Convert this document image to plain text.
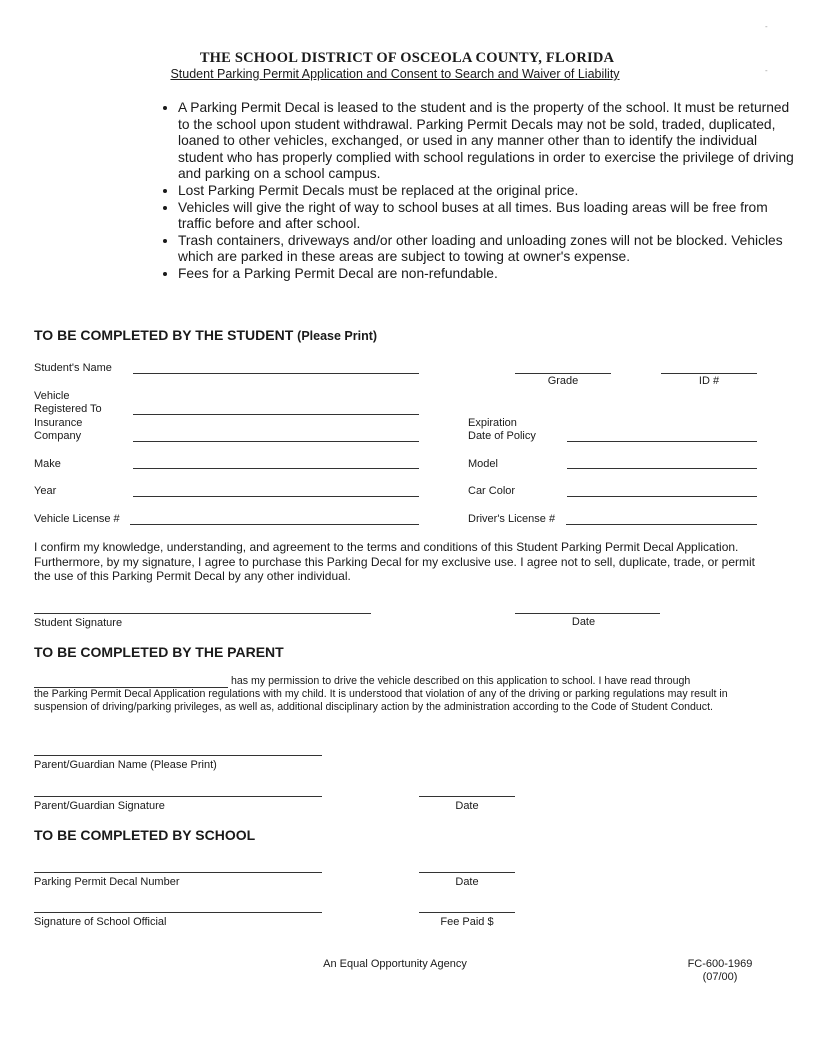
THE SCHOOL DISTRICT OF OSCEOLA COUNTY, FLORIDA
Student Parking Permit Application and Consent to Search and Waiver of Liability
-
-
• A Parking Permit Decal is leased to the student and is the property of the school. It must be returned to the school upon student withdrawal. Parking Permit Decals may not be sold, traded, duplicated, loaned to other vehicles, exchanged, or used in any manner other than to identify the individual student who has properly complied with school regulations in order to exercise the privilege of driving and parking on a school campus.
• Lost Parking Permit Decals must be replaced at the original price.
• Vehicles will give the right of way to school buses at all times. Bus loading areas will be free from traffic before and after school.
• Trash containers, driveways and/or other loading and unloading zones will not be blocked. Vehicles which are parked in these areas are subject to towing at owner's expense.
• Fees for a Parking Permit Decal are non-refundable.
TO BE COMPLETED BY THE STUDENT (Please Print)
Student's Name
Grade	ID #
Vehicle
Registered To
Insurance
Company
Expiration
Date of Policy
Make	Model
Year	Car Color
Vehicle License #	Driver's License #
I confirm my knowledge, understanding, and agreement to the terms and conditions of this Student Parking Permit Decal Application. Furthermore, by my signature, I agree to purchase this Parking Decal for my exclusive use. I agree not to sell, duplicate, trade, or permit the use of this Parking Permit Decal by any other individual.
Student Signature	Date
TO BE COMPLETED BY THE PARENT
has my permission to drive the vehicle described on this application to school. I have read through
the Parking Permit Decal Application regulations with my child. It is understood that violation of any of the driving or parking regulations may result in suspension of driving/parking privileges, as well as, additional disciplinary action by the administration according to the Code of Student Conduct.
Parent/Guardian Name (Please Print)
Parent/Guardian Signature	Date
TO BE COMPLETED BY SCHOOL
Parking Permit Decal Number	Date
Signature of School Official	Fee Paid $
An Equal Opportunity Agency	FC-600-1969
(07/00)
